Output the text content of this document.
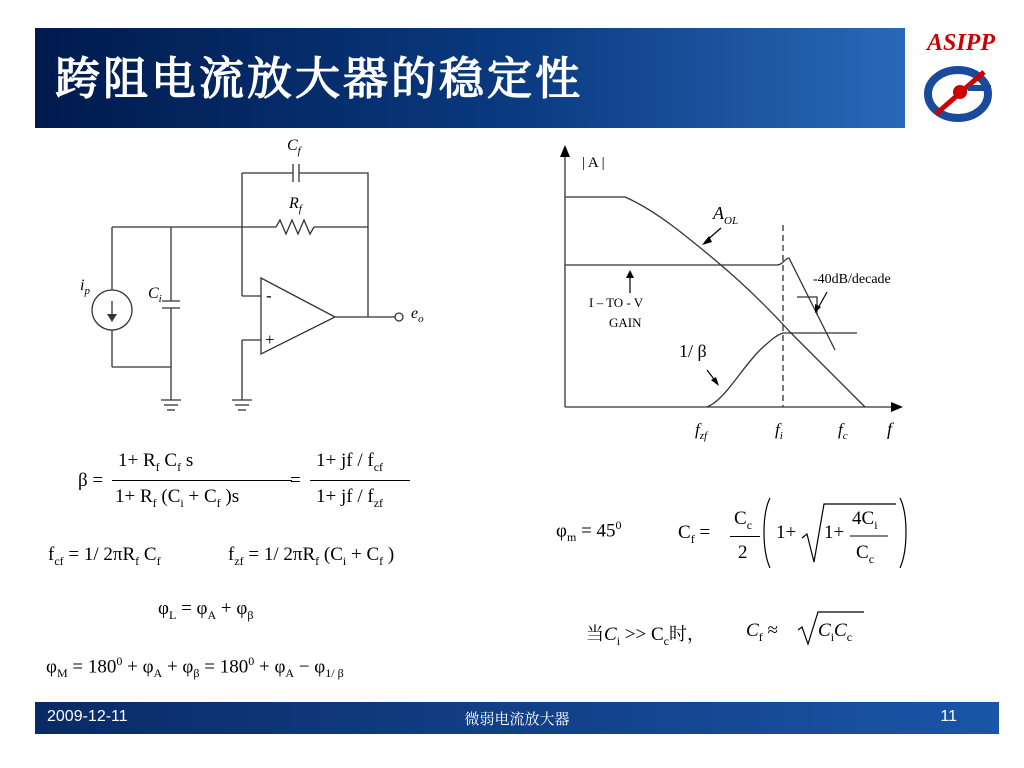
跨阻电流放大器的稳定性
ASIPP
$C_f$
$R_f$
$i_p$	$C_i$
$e_o$
-
+
| A |
$A_{OL}$
-40dB/decade
I – TO - V
GAIN
1/ β
$f_{zf}$	$f_i$	$f_c$ f
β =
$1+ R_f$ $C_f$ s
$1+ R_f$ ($C_i + C_f$ )s
=
1+ jf / $f_{cf}$
1+ jf / $f_{zf}$
$f_{cf} = 1/$ $2\pi R_f$ $C_f$	$f_{zf} = 1/$ $2\pi R_f$ ($C_i + C_f$ )
$\varphi_L = \varphi_A + \varphi_\beta$
$\varphi_M = 180^0 + \varphi_A + \varphi_\beta = 180^0 + \varphi_A - \varphi_{1/ \beta}$
$\varphi_m = 45^0$	$C_f$ =
$C_c$
2
1+ 1+
$4C_i$
$C_c$
当$C_i >> C_c$时， $C_f \approx C_iC_c$
2009-12-11	微弱电流放大器	11
